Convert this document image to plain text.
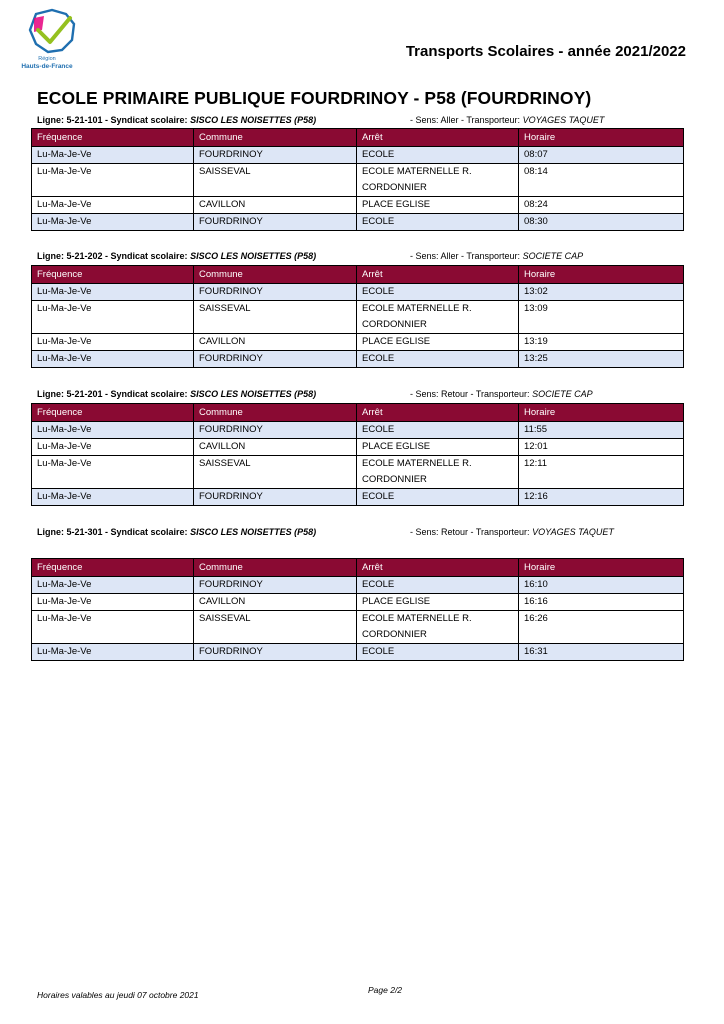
Région
Hauts-de-France
Transports Scolaires - année 2021/2022
ECOLE PRIMAIRE PUBLIQUE FOURDRINOY - P58 (FOURDRINOY)
Ligne: 5-21-101 - Syndicat scolaire: SISCO LES NOISETTES (P58)	- Sens: Aller - Transporteur: VOYAGES TAQUET
Fréquence	Commune	Arrêt	Horaire
Lu-Ma-Je-Ve	FOURDRINOY	ECOLE	08:07
Lu-Ma-Je-Ve	SAISSEVAL	ECOLE MATERNELLE R.
CORDONNIER	08:14
Lu-Ma-Je-Ve	CAVILLON	PLACE EGLISE	08:24
Lu-Ma-Je-Ve	FOURDRINOY	ECOLE	08:30
Ligne: 5-21-202 - Syndicat scolaire: SISCO LES NOISETTES (P58)	- Sens: Aller - Transporteur: SOCIETE CAP
Fréquence	Commune	Arrêt	Horaire
Lu-Ma-Je-Ve	FOURDRINOY	ECOLE	13:02
Lu-Ma-Je-Ve	SAISSEVAL	ECOLE MATERNELLE R.
CORDONNIER	13:09
Lu-Ma-Je-Ve	CAVILLON	PLACE EGLISE	13:19
Lu-Ma-Je-Ve	FOURDRINOY	ECOLE	13:25
Ligne: 5-21-201 - Syndicat scolaire: SISCO LES NOISETTES (P58)	- Sens: Retour - Transporteur: SOCIETE CAP
Fréquence	Commune	Arrêt	Horaire
Lu-Ma-Je-Ve	FOURDRINOY	ECOLE	11:55
Lu-Ma-Je-Ve	CAVILLON	PLACE EGLISE	12:01
Lu-Ma-Je-Ve	SAISSEVAL	ECOLE MATERNELLE R.
CORDONNIER	12:11
Lu-Ma-Je-Ve	FOURDRINOY	ECOLE	12:16
Ligne: 5-21-301 - Syndicat scolaire: SISCO LES NOISETTES (P58)	- Sens: Retour - Transporteur: VOYAGES TAQUET
Fréquence	Commune	Arrêt	Horaire
Lu-Ma-Je-Ve	FOURDRINOY	ECOLE	16:10
Lu-Ma-Je-Ve	CAVILLON	PLACE EGLISE	16:16
Lu-Ma-Je-Ve	SAISSEVAL	ECOLE MATERNELLE R.
CORDONNIER	16:26
Lu-Ma-Je-Ve	FOURDRINOY	ECOLE	16:31
Horaires valables au jeudi 07 octobre 2021	Page 2/2
